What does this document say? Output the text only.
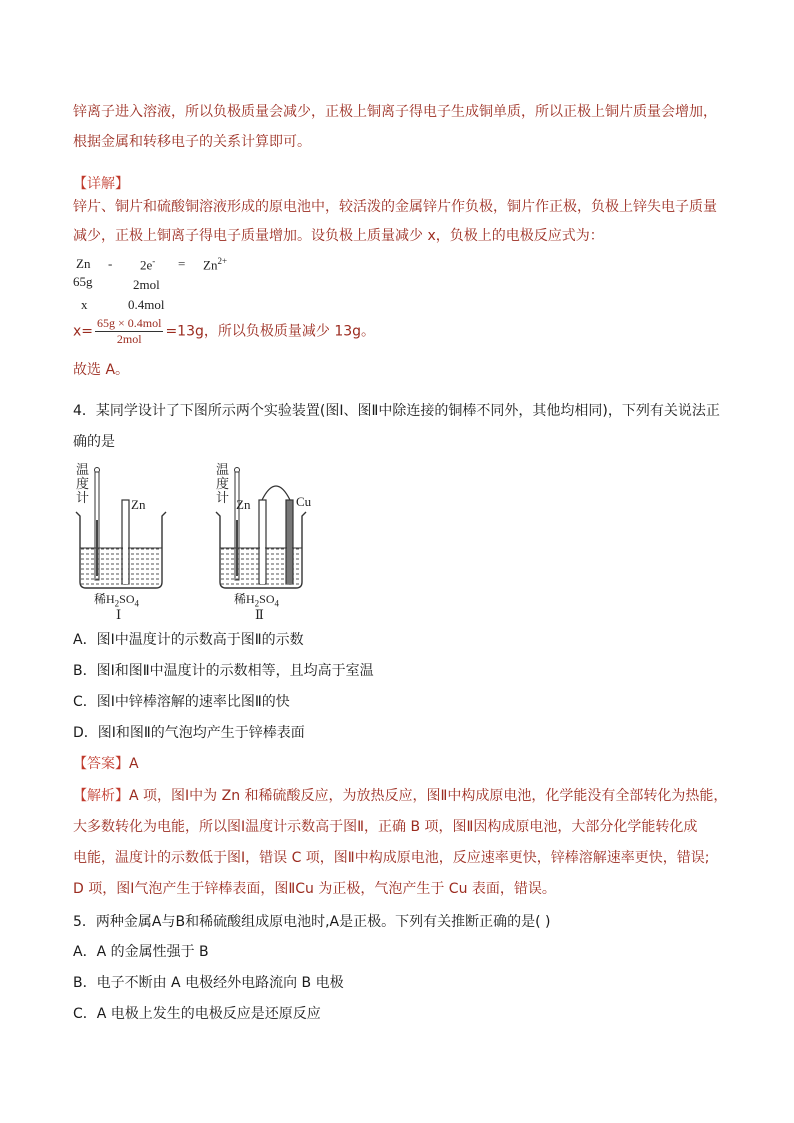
锌离子进入溶液，所以负极质量会减少，正极上铜离子得电子生成铜单质，所以正极上铜片质量会增加，
根据金属和转移电子的关系计算即可。
【详解】
锌片、铜片和硫酸铜溶液形成的原电池中，较活泼的金属锌片作负极，铜片作正极，负极上锌失电子质量
减少，正极上铜离子得电子质量增加。设负极上质量减少 x，负极上的电极反应式为：
$Zn - 2e^- = Zn^{2+}$
65g	2mol
x	0.4mol
$x= \frac{\text{65g × 0.4mol}}{\text{2mol}} =13g$，所以负极质量减少 13g。
故选 A。
4．某同学设计了下图所示两个实验装置(图Ⅰ、图Ⅱ中除连接的铜棒不同外，其他均相同)，下列有关说法正
确的是
温
度
计	Zn
稀$H_2SO_4$
Ⅰ
温
度
计 Zn	Cu
稀$H_2SO_4$
Ⅱ
A．图Ⅰ中温度计的示数高于图Ⅱ的示数
B．图Ⅰ和图Ⅱ中温度计的示数相等，且均高于室温
C．图Ⅰ中锌棒溶解的速率比图Ⅱ的快
D．图Ⅰ和图Ⅱ的气泡均产生于锌棒表面
【答案】A
【解析】A 项，图Ⅰ中为 Zn 和稀硫酸反应，为放热反应，图Ⅱ中构成原电池，化学能没有全部转化为热能，
大多数转化为电能，所以图Ⅰ温度计示数高于图Ⅱ，正确 B 项，图Ⅱ因构成原电池，大部分化学能转化成
电能，温度计的示数低于图Ⅰ，错误 C 项，图Ⅱ中构成原电池，反应速率更快，锌棒溶解速率更快，错误;
D 项，图Ⅰ气泡产生于锌棒表面，图ⅡCu 为正极，气泡产生于 Cu 表面，错误。
5．两种金属A与B和稀硫酸组成原电池时,A是正极。下列有关推断正确的是( )
A．A 的金属性强于 B
B．电子不断由 A 电极经外电路流向 B 电极
C．A 电极上发生的电极反应是还原反应
